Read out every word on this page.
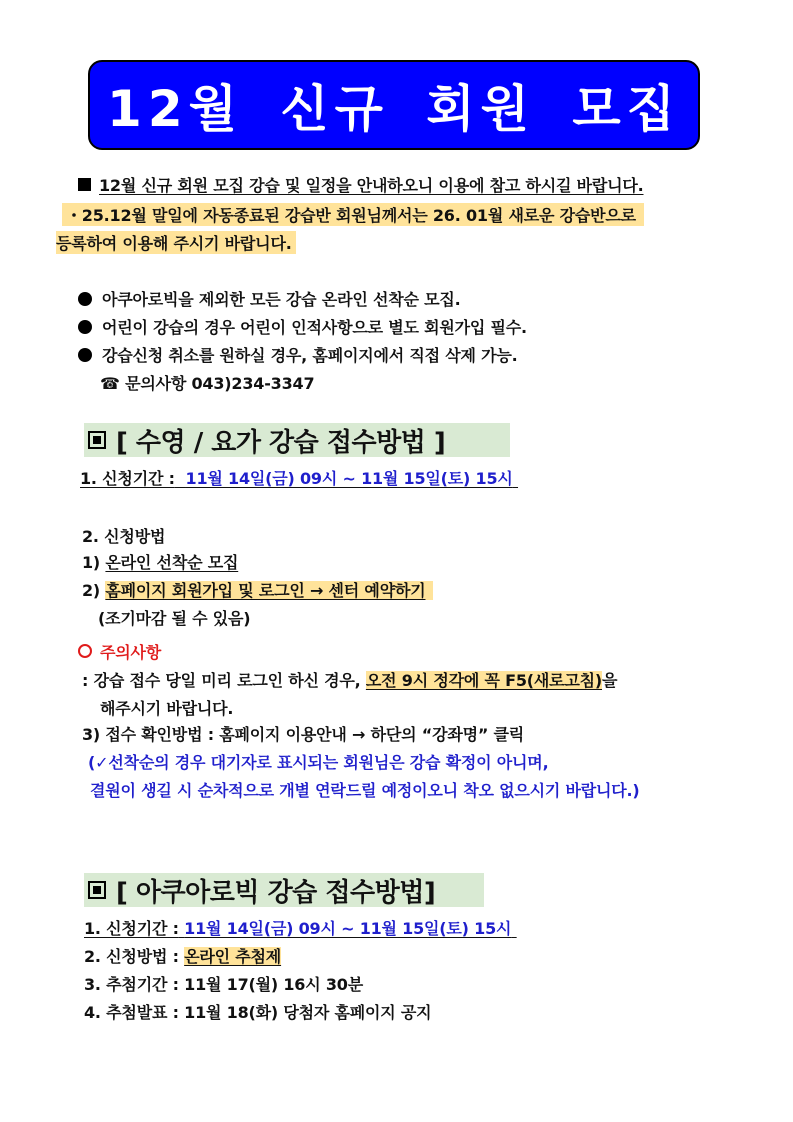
12월 신규 회원 모집
12월 신규 회원 모집 강습 및 일정을 안내하오니 이용에 참고 하시길 바랍니다.
・25.12월 말일에 자동종료된 강습반 회원님께서는 26. 01월 새로운 강습반으로
등록하여 이용해 주시기 바랍니다.
아쿠아로빅을 제외한 모든 강습 온라인 선착순 모집.
어린이 강습의 경우 어린이 인적사항으로 별도 회원가입 필수.
강습신청 취소를 원하실 경우, 홈페이지에서 직접 삭제 가능.
☎ 문의사항 043)234-3347
[ 수영 / 요가 강습 접수방법 ]
1. 신청기간 : 11월 14일(금) 09시 ~ 11월 15일(토) 15시
2. 신청방법
1) 온라인 선착순 모집
2) 홈페이지 회원가입 및 로그인 → 센터 예약하기
(조기마감 될 수 있음)
주의사항
: 강습 접수 당일 미리 로그인 하신 경우, 오전 9시 정각에 꼭 F5(새로고침)을
해주시기 바랍니다.
3) 접수 확인방법 : 홈페이지 이용안내 → 하단의 “강좌명” 클릭
(✓선착순의 경우 대기자로 표시되는 회원님은 강습 확정이 아니며,
결원이 생길 시 순차적으로 개별 연락드릴 예정이오니 착오 없으시기 바랍니다.)
[ 아쿠아로빅 강습 접수방법]
1. 신청기간 : 11월 14일(금) 09시 ~ 11월 15일(토) 15시
2. 신청방법 : 온라인 추첨제
3. 추첨기간 : 11월 17(월) 16시 30분
4. 추첨발표 : 11월 18(화) 당첨자 홈페이지 공지
